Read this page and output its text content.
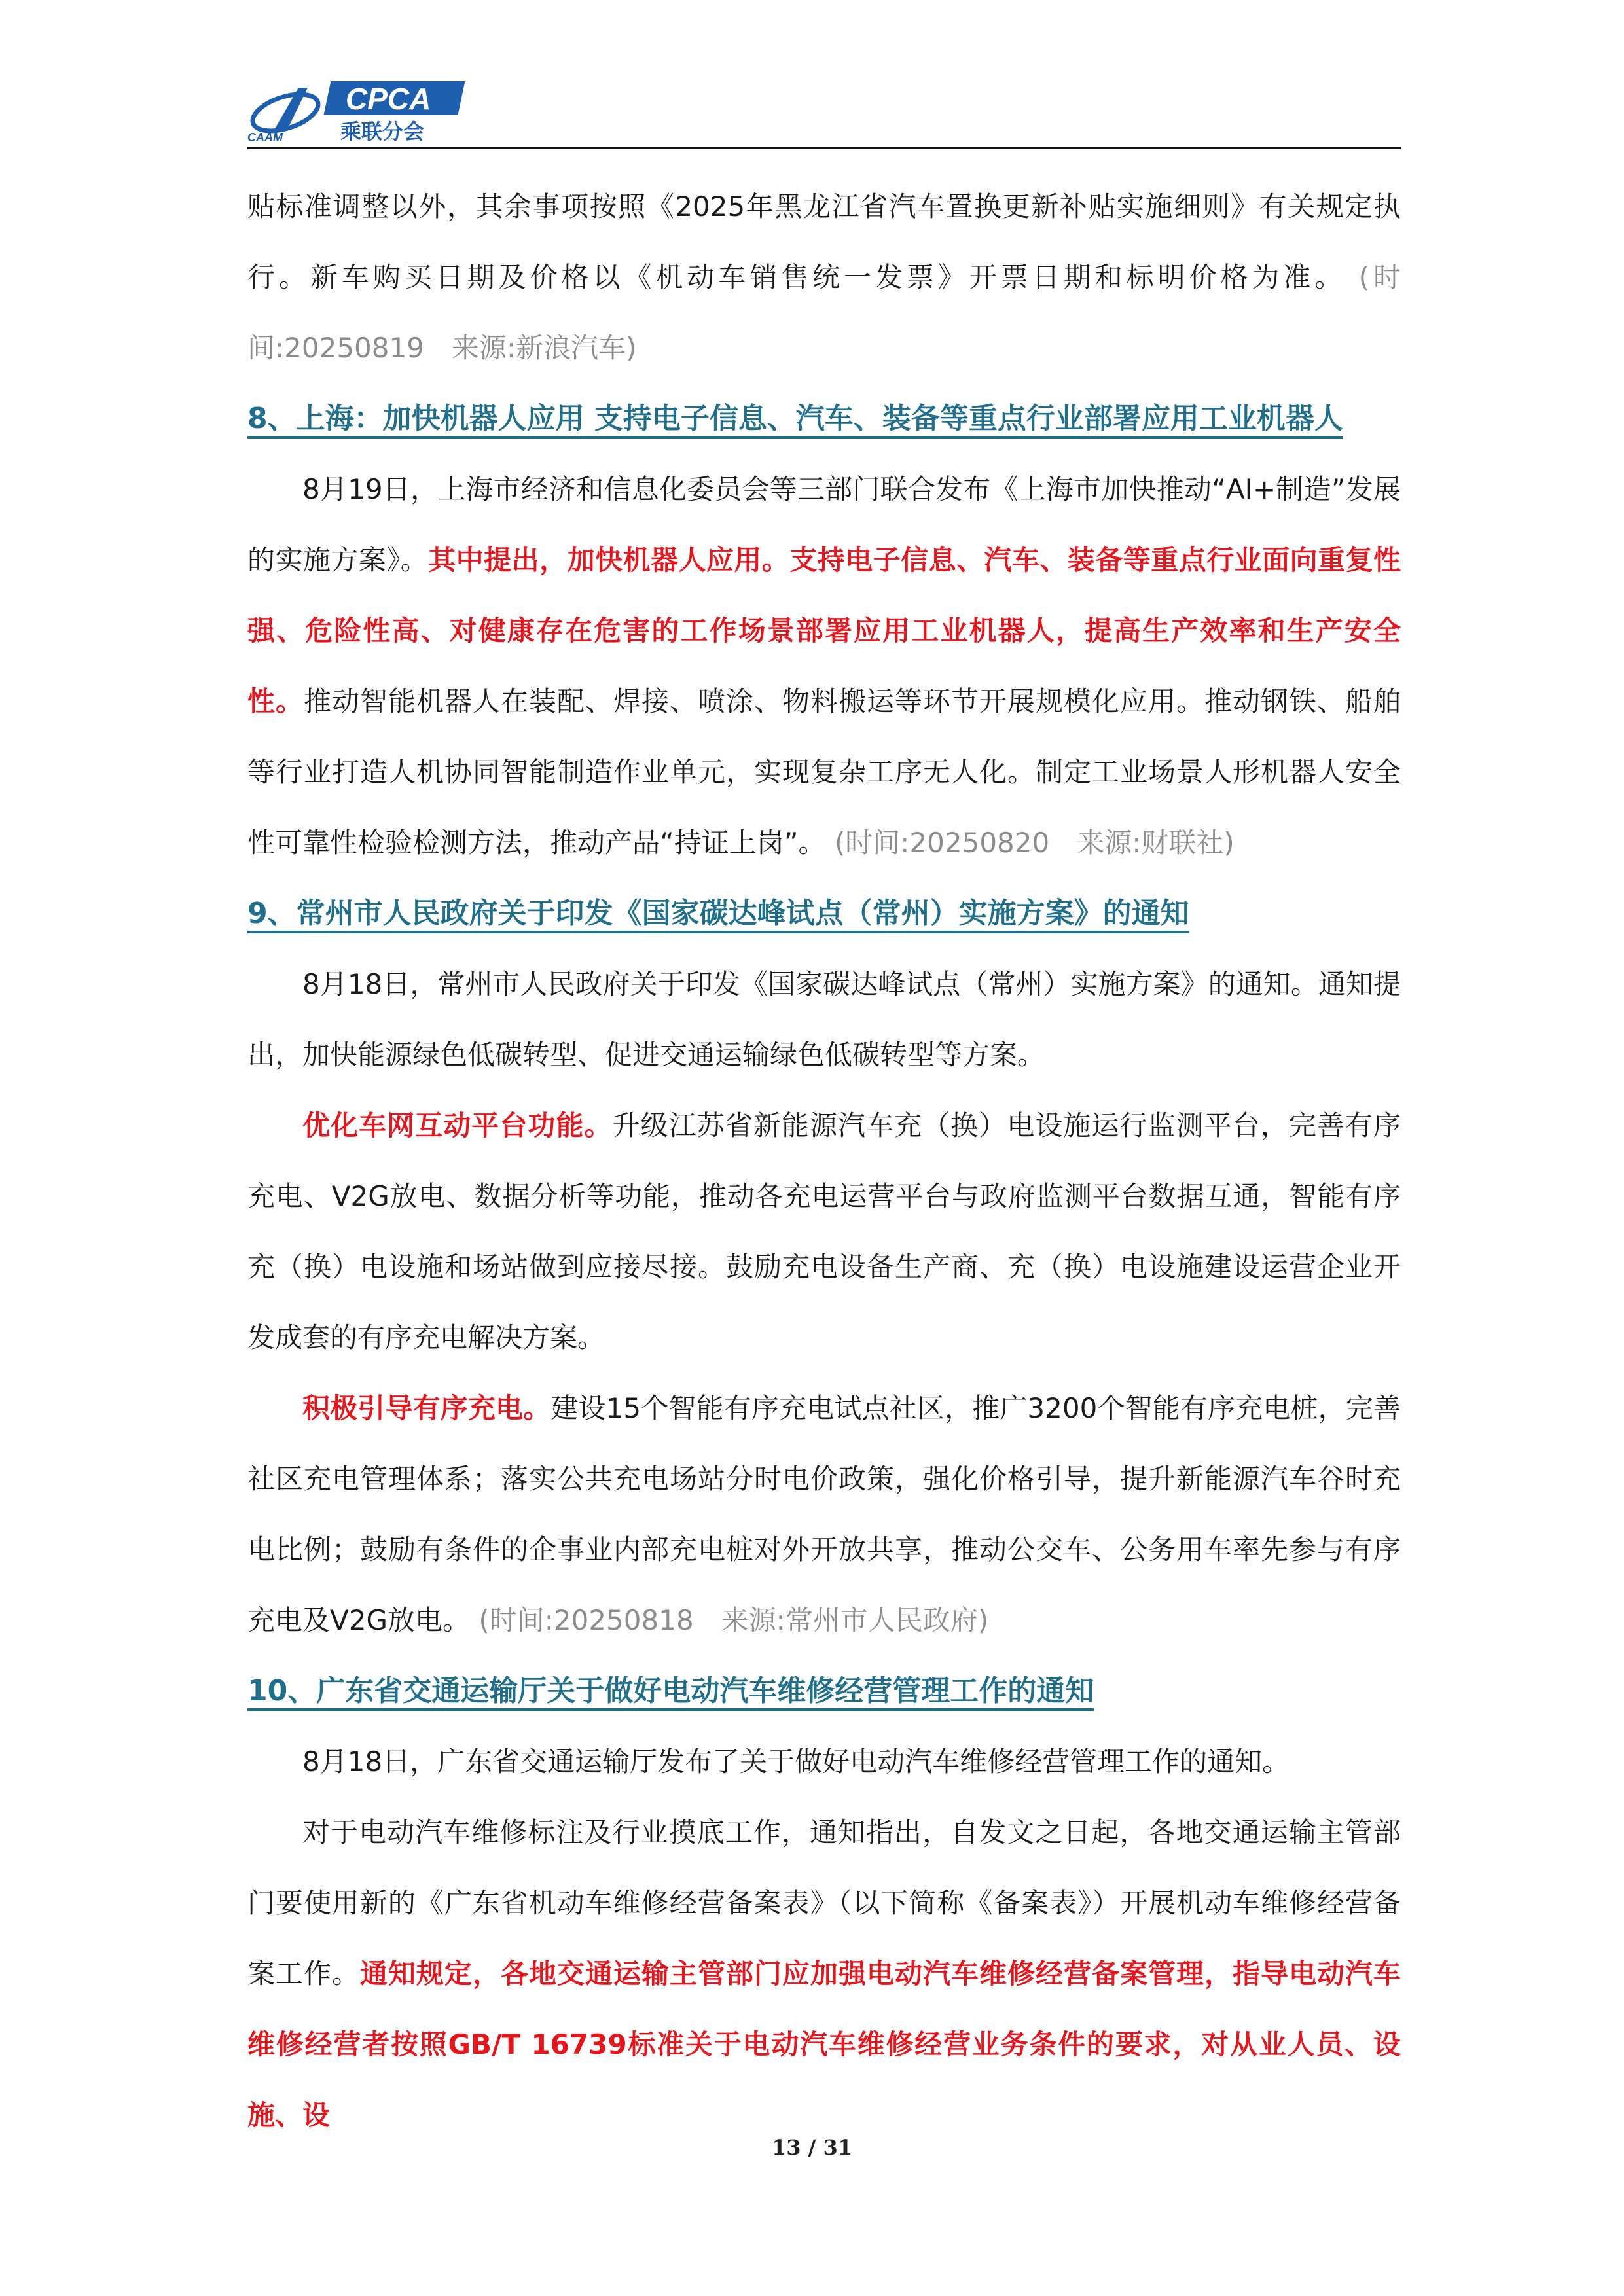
CPCA
CAAM	乘联分会

贴标准调整以外，其余事项按照《2025年黑龙江省汽车置换更新补贴实施细则》有关规定执行。新车购买日期及价格以《机动车销售统一发票》开票日期和标明价格为准。 (时间:20250819　来源:新浪汽车)

8、上海：加快机器人应用 支持电子信息、汽车、装备等重点行业部署应用工业机器人

8月19日，上海市经济和信息化委员会等三部门联合发布《上海市加快推动“AI+制造”发展的实施方案》。其中提出，加快机器人应用。支持电子信息、汽车、装备等重点行业面向重复性强、危险性高、对健康存在危害的工作场景部署应用工业机器人，提高生产效率和生产安全性。推动智能机器人在装配、焊接、喷涂、物料搬运等环节开展规模化应用。推动钢铁、船舶等行业打造人机协同智能制造作业单元，实现复杂工序无人化。制定工业场景人形机器人安全性可靠性检验检测方法，推动产品“持证上岗”。 (时间:20250820　来源:财联社)

9、常州市人民政府关于印发《国家碳达峰试点（常州）实施方案》的通知

8月18日，常州市人民政府关于印发《国家碳达峰试点（常州）实施方案》的通知。通知提出，加快能源绿色低碳转型、促进交通运输绿色低碳转型等方案。

优化车网互动平台功能。升级江苏省新能源汽车充（换）电设施运行监测平台，完善有序充电、V2G放电、数据分析等功能，推动各充电运营平台与政府监测平台数据互通，智能有序充（换）电设施和场站做到应接尽接。鼓励充电设备生产商、充（换）电设施建设运营企业开发成套的有序充电解决方案。

积极引导有序充电。建设15个智能有序充电试点社区，推广3200个智能有序充电桩，完善社区充电管理体系；落实公共充电场站分时电价政策，强化价格引导，提升新能源汽车谷时充电比例；鼓励有条件的企事业内部充电桩对外开放共享，推动公交车、公务用车率先参与有序充电及V2G放电。 (时间:20250818　来源:常州市人民政府)

10、广东省交通运输厅关于做好电动汽车维修经营管理工作的通知

8月18日，广东省交通运输厅发布了关于做好电动汽车维修经营管理工作的通知。

对于电动汽车维修标注及行业摸底工作，通知指出，自发文之日起，各地交通运输主管部门要使用新的《广东省机动车维修经营备案表》（以下简称《备案表》）开展机动车维修经营备案工作。通知规定，各地交通运输主管部门应加强电动汽车维修经营备案管理，指导电动汽车维修经营者按照GB/T 16739标准关于电动汽车维修经营业务条件的要求，对从业人员、设施、设

13 / 31
